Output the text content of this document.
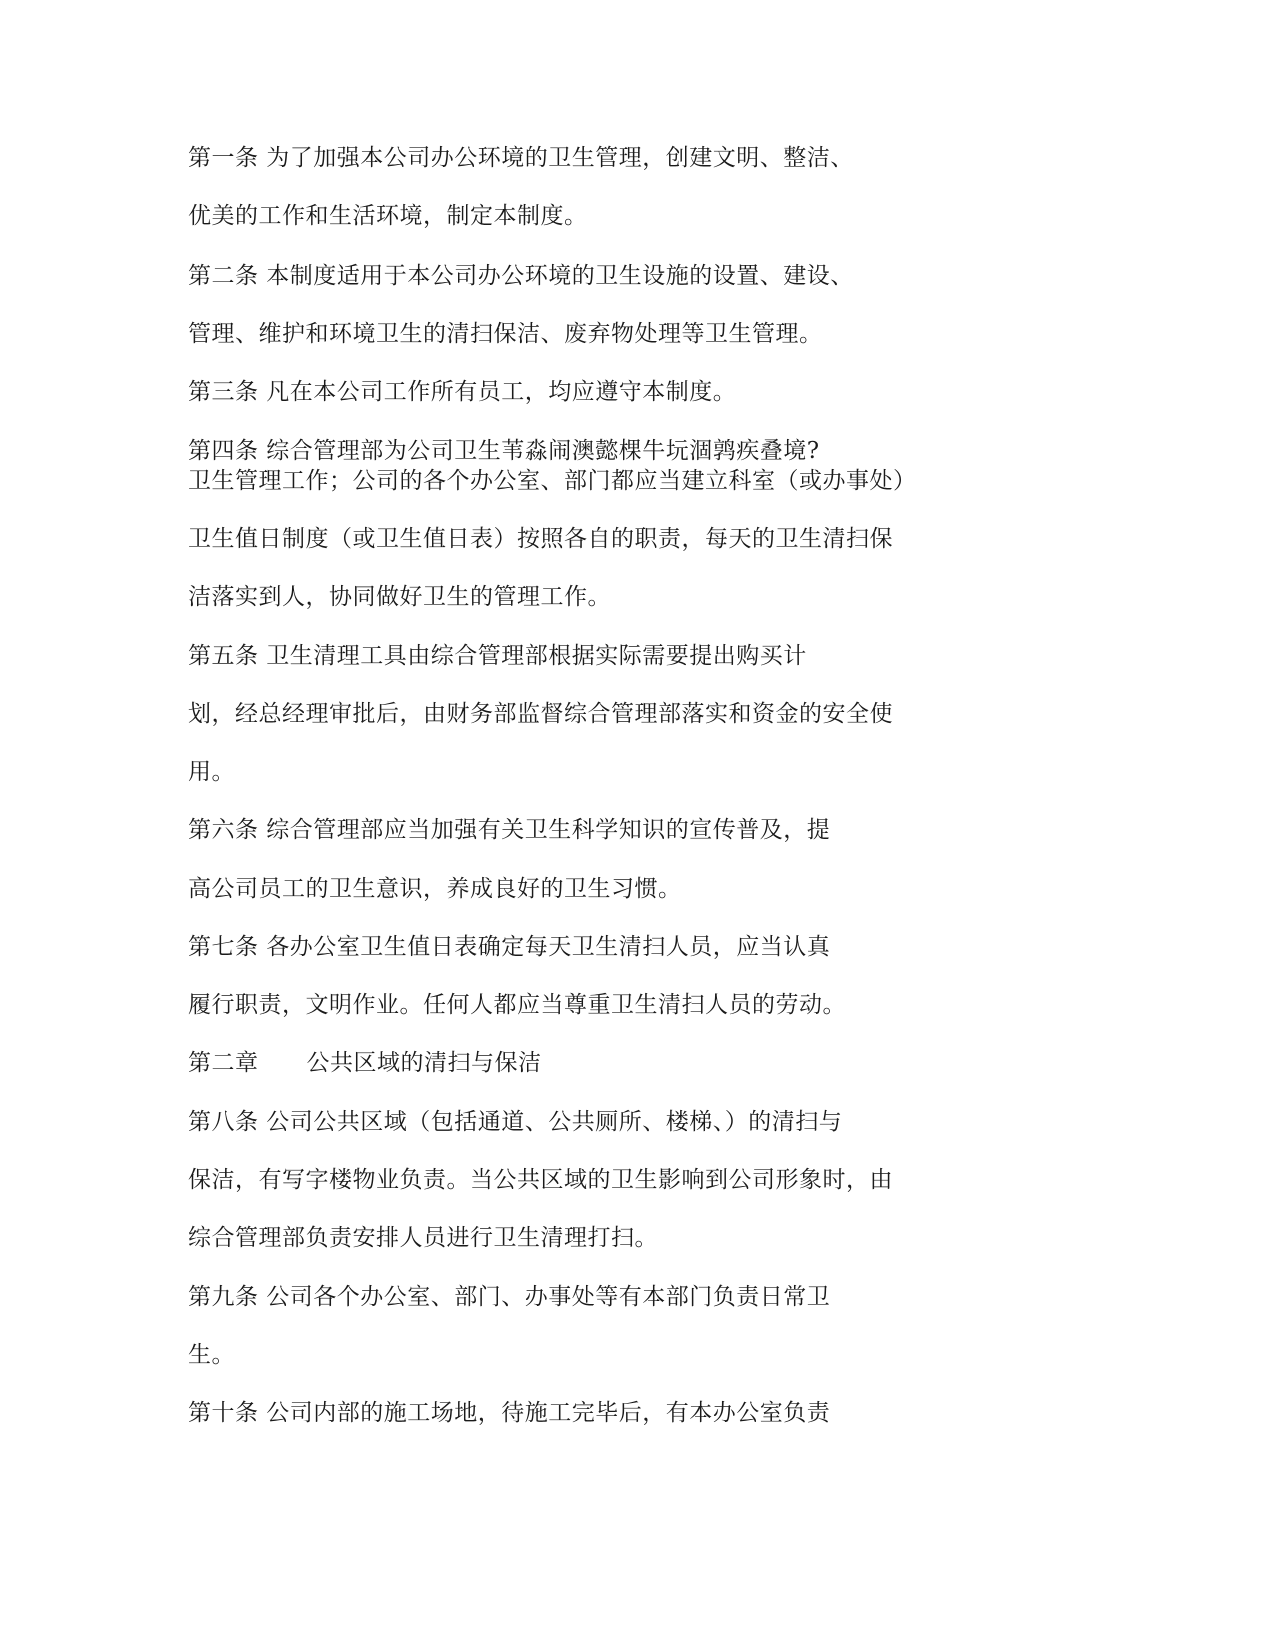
第一条 为了加强本公司办公环境的卫生管理，创建文明、整洁、
优美的工作和生活环境，制定本制度。
第二条 本制度适用于本公司办公环境的卫生设施的设置、建设、
管理、维护和环境卫生的清扫保洁、废弃物处理等卫生管理。
第三条 凡在本公司工作所有员工，均应遵守本制度。
第四条 综合管理部为公司卫生苇淼闹澳懿棵牛坃涸鹑疾叠境?
卫生管理工作；公司的各个办公室、部门都应当建立科室（或办事处）
卫生值日制度（或卫生值日表）按照各自的职责，每天的卫生清扫保
洁落实到人，协同做好卫生的管理工作。
第五条 卫生清理工具由综合管理部根据实际需要提出购买计
划，经总经理审批后，由财务部监督综合管理部落实和资金的安全使
用。
第六条 综合管理部应当加强有关卫生科学知识的宣传普及，提
高公司员工的卫生意识，养成良好的卫生习惯。
第七条 各办公室卫生值日表确定每天卫生清扫人员，应当认真
履行职责，文明作业。任何人都应当尊重卫生清扫人员的劳动。
第二章 公共区域的清扫与保洁
第八条 公司公共区域（包括通道、公共厕所、楼梯、）的清扫与
保洁，有写字楼物业负责。当公共区域的卫生影响到公司形象时，由
综合管理部负责安排人员进行卫生清理打扫。
第九条 公司各个办公室、部门、办事处等有本部门负责日常卫
生。
第十条 公司内部的施工场地，待施工完毕后，有本办公室负责
